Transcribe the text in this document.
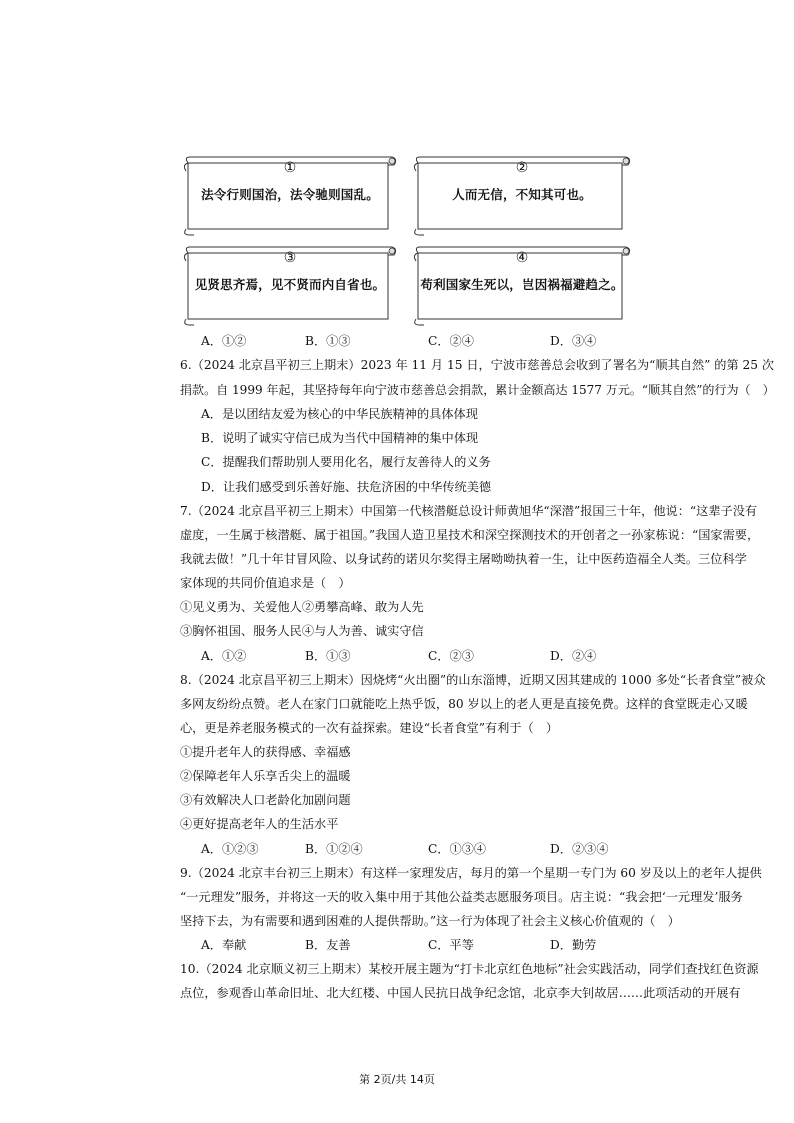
①
法令行则国治，法令驰则国乱。
②
人而无信，不知其可也。
③
见贤思齐焉，见不贤而内自省也。
④
苟利国家生死以，岂因祸福避趋之。
A．①②	B．①③	C．②④	D．③④
6.（2024 北京昌平初三上期末）2023 年 11 月 15 日，宁波市慈善总会收到了署名为“顺其自然” 的第 25 次
捐款。自 1999 年起，其坚持每年向宁波市慈善总会捐款，累计金额高达 1577 万元。“顺其自然”的行为（　）
A．是以团结友爱为核心的中华民族精神的具体体现
B．说明了诚实守信已成为当代中国精神的集中体现
C．提醒我们帮助别人要用化名，履行友善待人的义务
D．让我们感受到乐善好施、扶危济困的中华传统美德
7.（2024 北京昌平初三上期末）中国第一代核潜艇总设计师黄旭华“深潜”报国三十年，他说：“这辈子没有
虚度，一生属于核潜艇、属于祖国。”我国人造卫星技术和深空探测技术的开创者之一孙家栋说：“国家需要，
我就去做！”几十年甘冒风险、以身试药的诺贝尔奖得主屠呦呦执着一生，让中医药造福全人类。三位科学
家体现的共同价值追求是（　）
①见义勇为、关爱他人②勇攀高峰、敢为人先
③胸怀祖国、服务人民④与人为善、诚实守信
A．①②	B．①③	C．②③	D．②④
8.（2024 北京昌平初三上期末）因烧烤“火出圈”的山东淄博，近期又因其建成的 1000 多处“长者食堂”被众
多网友纷纷点赞。老人在家门口就能吃上热乎饭，80 岁以上的老人更是直接免费。这样的食堂既走心又暖
心，更是养老服务模式的一次有益探索。建设“长者食堂”有利于（　）
①提升老年人的获得感、幸福感
②保障老年人乐享舌尖上的温暖
③有效解决人口老龄化加剧问题
④更好提高老年人的生活水平
A．①②③	B．①②④	C．①③④	D．②③④
9.（2024 北京丰台初三上期末）有这样一家理发店，每月的第一个星期一专门为 60 岁及以上的老年人提供
“一元理发”服务，并将这一天的收入集中用于其他公益类志愿服务项目。店主说：“我会把‘一元理发’服务
坚持下去，为有需要和遇到困难的人提供帮助。”这一行为体现了社会主义核心价值观的（　）
A．奉献	B．友善	C．平等	D．勤劳
10.（2024 北京顺义初三上期末）某校开展主题为“打卡北京红色地标”社会实践活动，同学们查找红色资源
点位，参观香山革命旧址、北大红楼、中国人民抗日战争纪念馆，北京李大钊故居……此项活动的开展有
第 2页/共 14页
